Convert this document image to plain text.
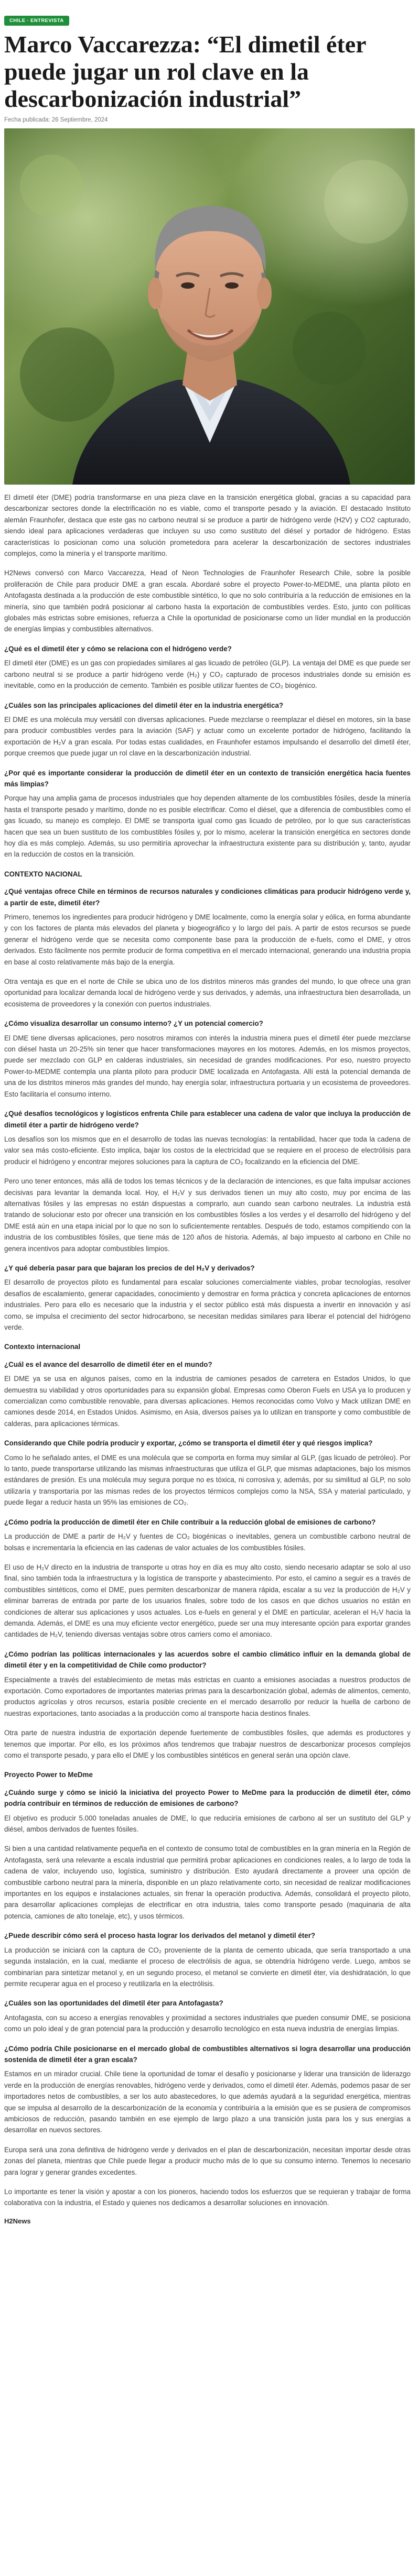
CHILE · ENTREVISTA
Marco Vaccarezza: “El dimetil éter puede jugar un rol clave en la descarbonización industrial”
Fecha publicada: 26 Septiembre, 2024

El dimetil éter (DME) podría transformarse en una pieza clave en la transición energética global, gracias a su capacidad para descarbonizar sectores donde la electrificación no es viable, como el transporte pesado y la aviación. El destacado Instituto alemán Fraunhofer, destaca que este gas no carbono neutral si se produce a partir de hidrógeno verde (H2V) y CO2 capturado, siendo ideal para aplicaciones verdaderas que incluyen su uso como sustituto del diésel y portador de hidrógeno. Estas características lo posicionan como una solución prometedora para acelerar la descarbonización de sectores industriales complejos, como la minería y el transporte marítimo.

H2News conversó con Marco Vaccarezza, Head of Neon Technologies de Fraunhofer Research Chile, sobre la posible proliferación de Chile para producir DME a gran escala. Abordaré sobre el proyecto Power-to-MEDME, una planta piloto en Antofagasta destinada a la producción de este combustible sintético, lo que no solo contribuiría a la reducción de emisiones en la minería, sino que también podrá posicionar al carbono hasta la exportación de combustibles verdes. Esto, junto con políticas globales más estrictas sobre emisiones, refuerza a Chile la oportunidad de posicionarse como un líder mundial en la producción de energías limpias y combustibles alternativos.

¿Qué es el dimetil éter y cómo se relaciona con el hidrógeno verde?

El dimetil éter (DME) es un gas con propiedades similares al gas licuado de petróleo (GLP). La ventaja del DME es que puede ser carbono neutral si se produce a partir hidrógeno verde (H₂) y CO₂ capturado de procesos industriales donde su emisión es inevitable, como en la producción de cemento. También es posible utilizar fuentes de CO₂ biogénico.

¿Cuáles son las principales aplicaciones del dimetil éter en la industria energética?

El DME es una molécula muy versátil con diversas aplicaciones. Puede mezclarse o reemplazar el diésel en motores, sin la base para producir combustibles verdes para la aviación (SAF) y actuar como un excelente portador de hidrógeno, facilitando la exportación de H₂V a gran escala. Por todas estas cualidades, en Fraunhofer estamos impulsando el desarrollo del dimetil éter, porque creemos que puede jugar un rol clave en la descarbonización industrial.

¿Por qué es importante considerar la producción de dimetil éter en un contexto de transición energética hacia fuentes más limpias?

Porque hay una amplia gama de procesos industriales que hoy dependen altamente de los combustibles fósiles, desde la minería hasta el transporte pesado y marítimo, donde no es posible electrificar. Como el diésel, que a diferencia de combustibles como el gas licuado, su manejo es complejo. El DME se transporta igual como gas licuado de petróleo, por lo que sus características hacen que sea un buen sustituto de los combustibles fósiles y, por lo mismo, acelerar la transición energética en sectores donde hoy día es más complejo. Además, su uso permitiría aprovechar la infraestructura existente para su distribución y, tanto, ayudar en la reducción de costos en la transición.

CONTEXTO NACIONAL

¿Qué ventajas ofrece Chile en términos de recursos naturales y condiciones climáticas para producir hidrógeno verde y, a partir de este, dimetil éter?

Primero, tenemos los ingredientes para producir hidrógeno y DME localmente, como la energía solar y eólica, en forma abundante y con los factores de planta más elevados del planeta y biogeográfico y lo largo del país. A partir de estos recursos se puede generar el hidrógeno verde que se necesita como componente base para la producción de e-fuels, como el DME, y otros derivados. Esto fácilmente nos permite producir de forma competitiva en el mercado internacional, generando una industria propia en base al costo relativamente más bajo de la energía.

Otra ventaja es que en el norte de Chile se ubica uno de los distritos mineros más grandes del mundo, lo que ofrece una gran oportunidad para localizar demanda local de hidrógeno verde y sus derivados, y además, una infraestructura bien desarrollada, un ecosistema de proveedores y la conexión con puertos industriales.

¿Cómo visualiza desarrollar un consumo interno? ¿Y un potencial comercio?

El DME tiene diversas aplicaciones, pero nosotros miramos con interés la industria minera pues el dimetil éter puede mezclarse con diésel hasta un 20-25% sin tener que hacer transformaciones mayores en los motores. Además, en los mismos proyectos, puede ser mezclado con GLP en calderas industriales, sin necesidad de grandes modificaciones. Por eso, nuestro proyecto Power-to-MEDME contempla una planta piloto para producir DME localizada en Antofagasta. Allí está la potencial demanda de una de los distritos mineros más grandes del mundo, hay energía solar, infraestructura portuaria y un ecosistema de proveedores. Esto facilitaría el consumo interno.

¿Qué desafíos tecnológicos y logísticos enfrenta Chile para establecer una cadena de valor que incluya la producción de dimetil éter a partir de hidrógeno verde?

Los desafíos son los mismos que en el desarrollo de todas las nuevas tecnologías: la rentabilidad, hacer que toda la cadena de valor sea más costo-eficiente. Esto implica, bajar los costos de la electricidad que se requiere en el proceso de electrólisis para producir el hidrógeno y encontrar mejores soluciones para la captura de CO₂ focalizando en la eficiencia del DME.

Pero uno tener entonces, más allá de todos los temas técnicos y de la declaración de intenciones, es que falta impulsar acciones decisivas para levantar la demanda local. Hoy, el H₂V y sus derivados tienen un muy alto costo, muy por encima de las alternativas fósiles y las empresas no están dispuestas a comprarlo, aun cuando sean carbono neutrales. La industria está tratando de solucionar esto por ofrecer una transición en los combustibles fósiles a los verdes y el desarrollo del hidrógeno y del DME está aún en una etapa inicial por lo que no son lo suficientemente rentables. Después de todo, estamos compitiendo con la industria de los combustibles fósiles, que tiene más de 120 años de historia. Además, al bajo impuesto al carbono en Chile no genera incentivos para adoptar combustibles limpios.

¿Y qué debería pasar para que bajaran los precios de del H₂V y derivados?

El desarrollo de proyectos piloto es fundamental para escalar soluciones comercialmente viables, probar tecnologías, resolver desafíos de escalamiento, generar capacidades, conocimiento y demostrar en forma práctica y concreta aplicaciones de entornos industriales. Pero para ello es necesario que la industria y el sector público está más dispuesta a invertir en innovación y así como, se impulsa el crecimiento del sector hidrocarbono, se necesitan medidas similares para liberar el potencial del hidrógeno verde.

Contexto internacional

¿Cuál es el avance del desarrollo de dimetil éter en el mundo?

El DME ya se usa en algunos países, como en la industria de camiones pesados de carretera en Estados Unidos, lo que demuestra su viabilidad y otros oportunidades para su expansión global. Empresas como Oberon Fuels en USA ya lo producen y comercializan como combustible renovable, para diversas aplicaciones. Hemos reconocidas como Volvo y Mack utilizan DME en camiones desde 2014, en Estados Unidos. Asimismo, en Asia, diversos países ya lo utilizan en transporte y como combustible de calderas, para aplicaciones térmicas.

Considerando que Chile podría producir y exportar, ¿cómo se transporta el dimetil éter y qué riesgos implica?

Como lo he señalado antes, el DME es una molécula que se comporta en forma muy similar al GLP, (gas licuado de petróleo). Por lo tanto, puede transportarse utilizando las mismas infraestructuras que utiliza el GLP, que mismas adaptaciones, bajo los mismos estándares de presión. Es una molécula muy segura porque no es tóxica, ni corrosiva y, además, por su similitud al GLP, no solo utilizaría y transportaría por las mismas redes de los proyectos térmicos complejos como la NSA, SSA y material particulado, y puede llegar a reducir hasta un 95% las emisiones de CO₂.

¿Cómo podría la producción de dimetil éter en Chile contribuir a la reducción global de emisiones de carbono?

La producción de DME a partir de H₂V y fuentes de CO₂ biogénicas o inevitables, genera un combustible carbono neutral de bolsas e incrementaría la eficiencia en las cadenas de valor actuales de los combustibles fósiles.

El uso de H₂V directo en la industria de transporte u otras hoy en día es muy alto costo, siendo necesario adaptar se solo al uso final, sino también toda la infraestructura y la logística de transporte y abastecimiento. Por esto, el camino a seguir es a través de combustibles sintéticos, como el DME, pues permiten descarbonizar de manera rápida, escalar a su vez la producción de H₂V y eliminar barreras de entrada por parte de los usuarios finales, sobre todo de los casos en que dichos usuarios no están en condiciones de alterar sus aplicaciones y usos actuales. Los e-fuels en general y el DME en particular, aceleran el H₂V hacia la demanda. Además, el DME es una muy eficiente vector energético, puede ser una muy interesante opción para exportar grandes cantidades de H₂V, teniendo diversas ventajas sobre otros carriers como el amoniaco.

¿Cómo podrían las políticas internacionales y las acuerdos sobre el cambio climático influir en la demanda global de dimetil éter y en la competitividad de Chile como productor?

Especialmente a través del establecimiento de metas más estrictas en cuanto a emisiones asociadas a nuestros productos de exportación. Como exportadores de importantes materias primas para la descarbonización global, además de alimentos, cemento, productos agrícolas y otros recursos, estaría posible creciente en el mercado desarrollo por reducir la huella de carbono de nuestras exportaciones, tanto asociadas a la producción como al transporte hacia destinos finales.

Otra parte de nuestra industria de exportación depende fuertemente de combustibles fósiles, que además es productores y tenemos que importar. Por ello, es los próximos años tendremos que trabajar nuestros de descarbonizar procesos complejos como el transporte pesado, y para ello el DME y los combustibles sintéticos en general serán una opción clave.

Proyecto Power to MeDme

¿Cuándo surge y cómo se inició la iniciativa del proyecto Power to MeDme para la producción de dimetil éter, cómo podría contribuir en términos de reducción de emisiones de carbono?

El objetivo es producir 5.000 toneladas anuales de DME, lo que reduciría emisiones de carbono al ser un sustituto del GLP y diésel, ambos derivados de fuentes fósiles.

Si bien a una cantidad relativamente pequeña en el contexto de consumo total de combustibles en la gran minería en la Región de Antofagasta, será una relevante a escala industrial que permitirá probar aplicaciones en condiciones reales, a lo largo de toda la cadena de valor, incluyendo uso, logística, suministro y distribución. Esto ayudará directamente a proveer una opción de combustible carbono neutral para la minería, disponible en un plazo relativamente corto, sin necesidad de realizar modificaciones importantes en los equipos e instalaciones actuales, sin frenar la operación productiva. Además, consolidará el proyecto piloto, para desarrollar aplicaciones complejas de electrificar en otra industria, tales como transporte pesado (maquinaria de alta potencia, camiones de alto tonelaje, etc), y usos térmicos.

¿Puede describir cómo será el proceso hasta lograr los derivados del metanol y dimetil éter?

La producción se iniciará con la captura de CO₂ proveniente de la planta de cemento ubicada, que sería transportado a una segunda instalación, en la cual, mediante el proceso de electrólisis de agua, se obtendría hidrógeno verde. Luego, ambos se combinarían para sintetizar metanol y, en un segundo proceso, el metanol se convierte en dimetil éter, vía deshidratación, lo que permite recuperar agua en el proceso y reutilizarla en la electrólisis.

¿Cuáles son las oportunidades del dimetil éter para Antofagasta?

Antofagasta, con su acceso a energías renovables y proximidad a sectores industriales que pueden consumir DME, se posiciona como un polo ideal y de gran potencial para la producción y desarrollo tecnológico en esta nueva industria de energías limpias.

¿Cómo podría Chile posicionarse en el mercado global de combustibles alternativos si logra desarrollar una producción sostenida de dimetil éter a gran escala?

Estamos en un mirador crucial. Chile tiene la oportunidad de tomar el desafío y posicionarse y liderar una transición de liderazgo verde en la producción de energías renovables, hidrógeno verde y derivados, como el dimetil éter. Además, podemos pasar de ser importadores netos de combustibles, a ser los auto abastecedores, lo que además ayudará a la seguridad energética, mientras que se impulsa al desarrollo de la descarbonización de la economía y contribuiría a la emisión que es se pusiera de compromisos ambiciosos de reducción, pasando también en ese ejemplo de largo plazo a una transición justa para los y sus energías a desarrollar en nuevos sectores.

Europa será una zona definitiva de hidrógeno verde y derivados en el plan de descarbonización, necesitan importar desde otras zonas del planeta, mientras que Chile puede llegar a producir mucho más de lo que su consumo interno. Tenemos lo necesario para lograr y generar grandes excedentes.

Lo importante es tener la visión y apostar a con los pioneros, haciendo todos los esfuerzos que se requieran y trabajar de forma colaborativa con la industria, el Estado y quienes nos dedicamos a desarrollar soluciones en innovación.

H2News
